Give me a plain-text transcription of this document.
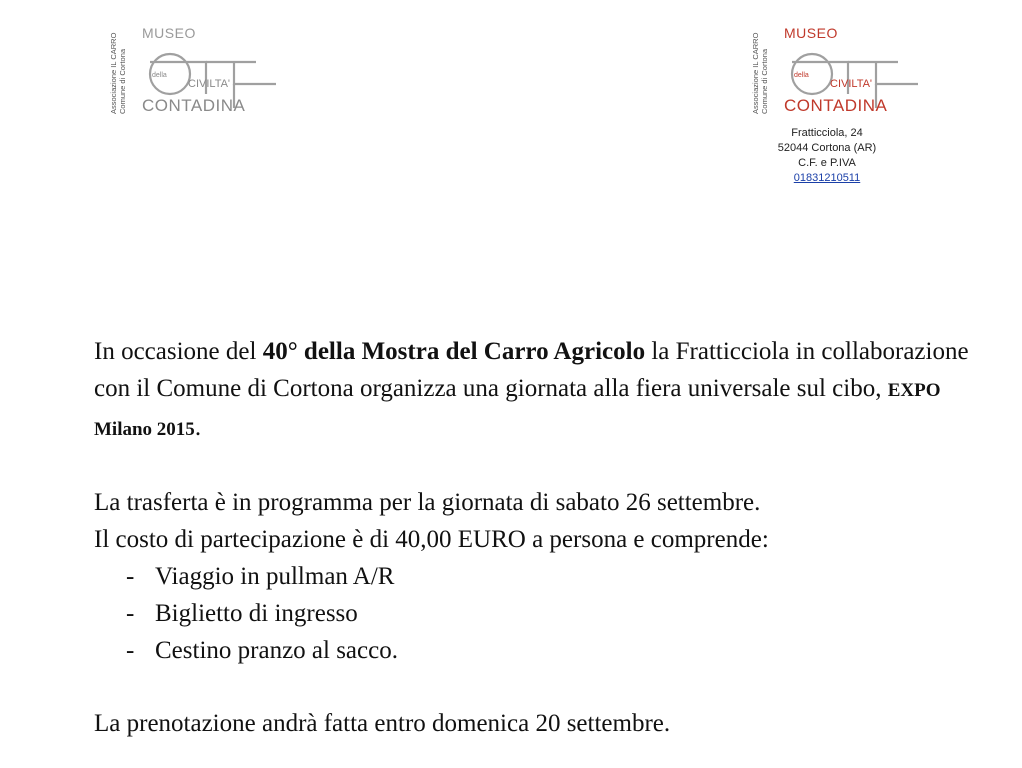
Associazione IL CARRO Comune di Cortona
MUSEO
della
CIVILTA'
CONTADINA	Associazione IL CARRO Comune di Cortona
MUSEO
della
CIVILTA'
CONTADINA
Fratticciola, 24
52044 Cortona (AR)
C.F. e P.IVA
01831210511

In occasione del 40° della Mostra del Carro Agricolo la Fratticciola in collaborazione con il Comune di Cortona organizza una giornata alla fiera universale sul cibo, EXPO Milano 2015.

La trasferta è in programma per la giornata di sabato 26 settembre.

Il costo di partecipazione è di 40,00 EURO a persona e comprende:

- Viaggio in pullman A/R
- Biglietto di ingresso
- Cestino pranzo al sacco.

La prenotazione andrà fatta entro domenica 20 settembre.
